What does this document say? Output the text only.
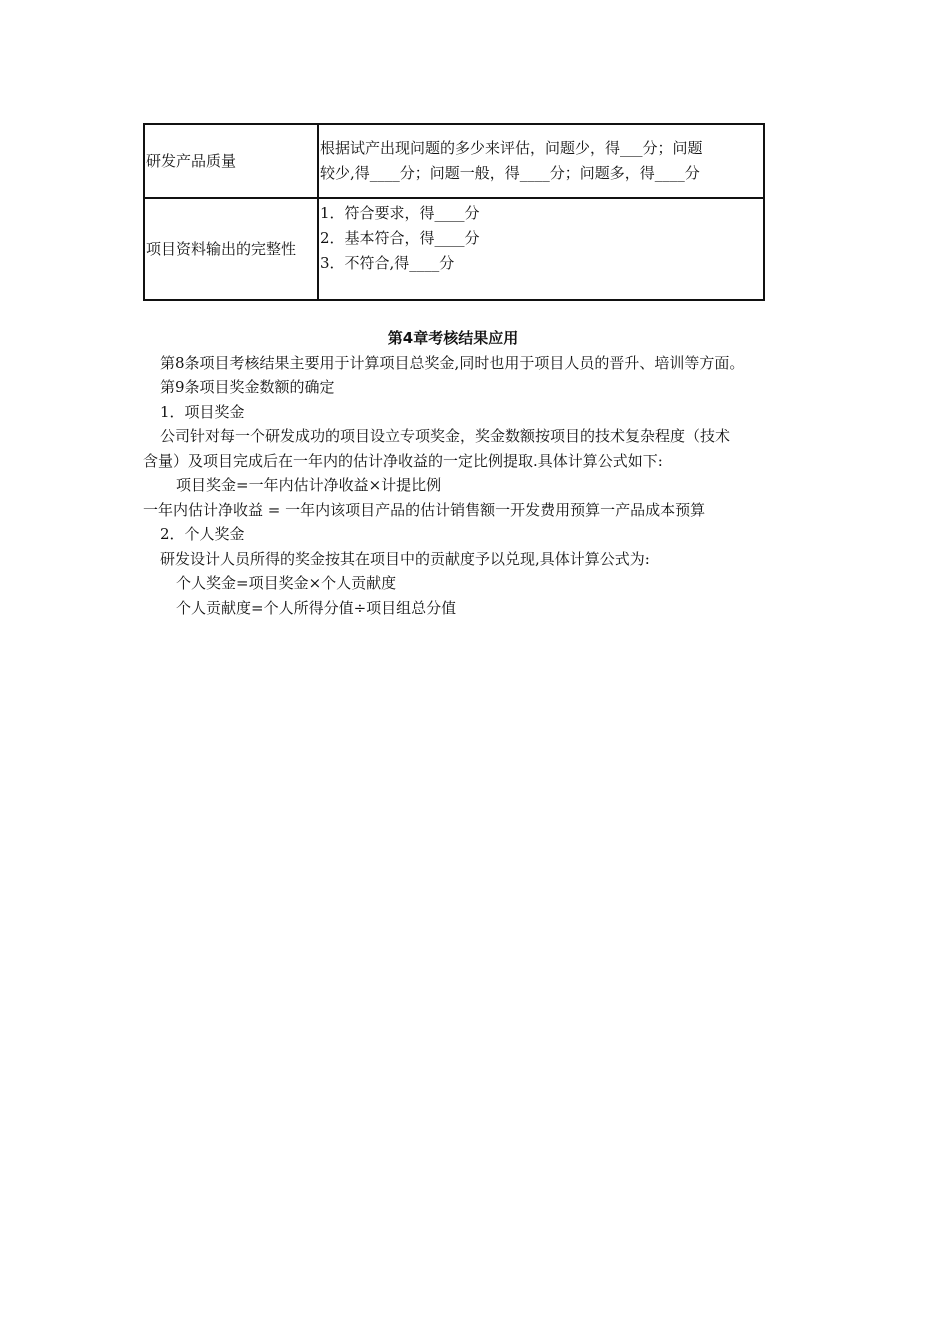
研发产品质量	根据试产出现问题的多少来评估，问题少，得___分；问题
较少,得____分；问题一般，得____分；问题多，得____分

项目资料输出的完整性	1．符合要求，得____分
2．基本符合，得____分
3．不符合,得____分
第4章考核结果应用
第8条项目考核结果主要用于计算项目总奖金,同时也用于项目人员的晋升、培训等方面。
第9条项目奖金数额的确定
1．项目奖金
公司针对每一个研发成功的项目设立专项奖金，奖金数额按项目的技术复杂程度（技术
含量）及项目完成后在一年内的估计净收益的一定比例提取.具体计算公式如下:
项目奖金=一年内估计净收益×计提比例
一年内估计净收益 = 一年内该项目产品的估计销售额一开发费用预算一产品成本预算
2．个人奖金
研发设计人员所得的奖金按其在项目中的贡献度予以兑现,具体计算公式为:
个人奖金=项目奖金×个人贡献度
个人贡献度=个人所得分值÷项目组总分值
